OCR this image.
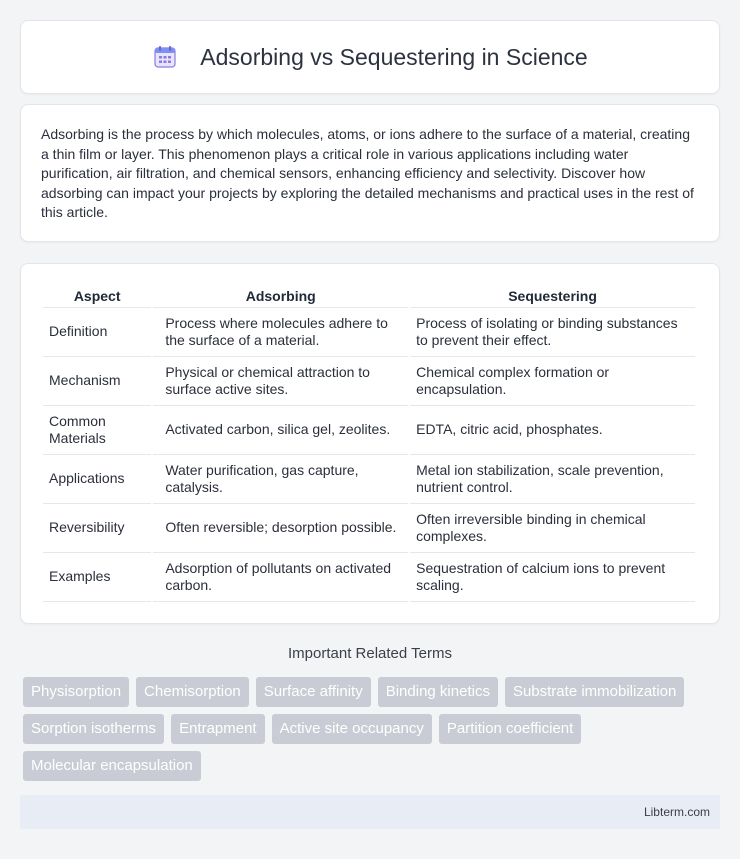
Adsorbing vs Sequestering in Science

Adsorbing is the process by which molecules, atoms, or ions adhere to the surface of a material, creating a thin film or layer. This phenomenon plays a critical role in various applications including water purification, air filtration, and chemical sensors, enhancing efficiency and selectivity. Discover how adsorbing can impact your projects by exploring the detailed mechanisms and practical uses in the rest of this article.

Aspect	Adsorbing	Sequestering
Definition	Process where molecules adhere to the surface of a material.	Process of isolating or binding substances to prevent their effect.
Mechanism	Physical or chemical attraction to surface active sites.	Chemical complex formation or encapsulation.
Common Materials	Activated carbon, silica gel, zeolites.	EDTA, citric acid, phosphates.
Applications	Water purification, gas capture, catalysis.	Metal ion stabilization, scale prevention, nutrient control.
Reversibility	Often reversible; desorption possible.	Often irreversible binding in chemical complexes.
Examples	Adsorption of pollutants on activated carbon.	Sequestration of calcium ions to prevent scaling.
Important Related Terms
Physisorption	Chemisorption	Surface affinity	Binding kinetics	Substrate immobilization
Sorption isotherms	Entrapment	Active site occupancy	Partition coefficient
Molecular encapsulation
Libterm.com
